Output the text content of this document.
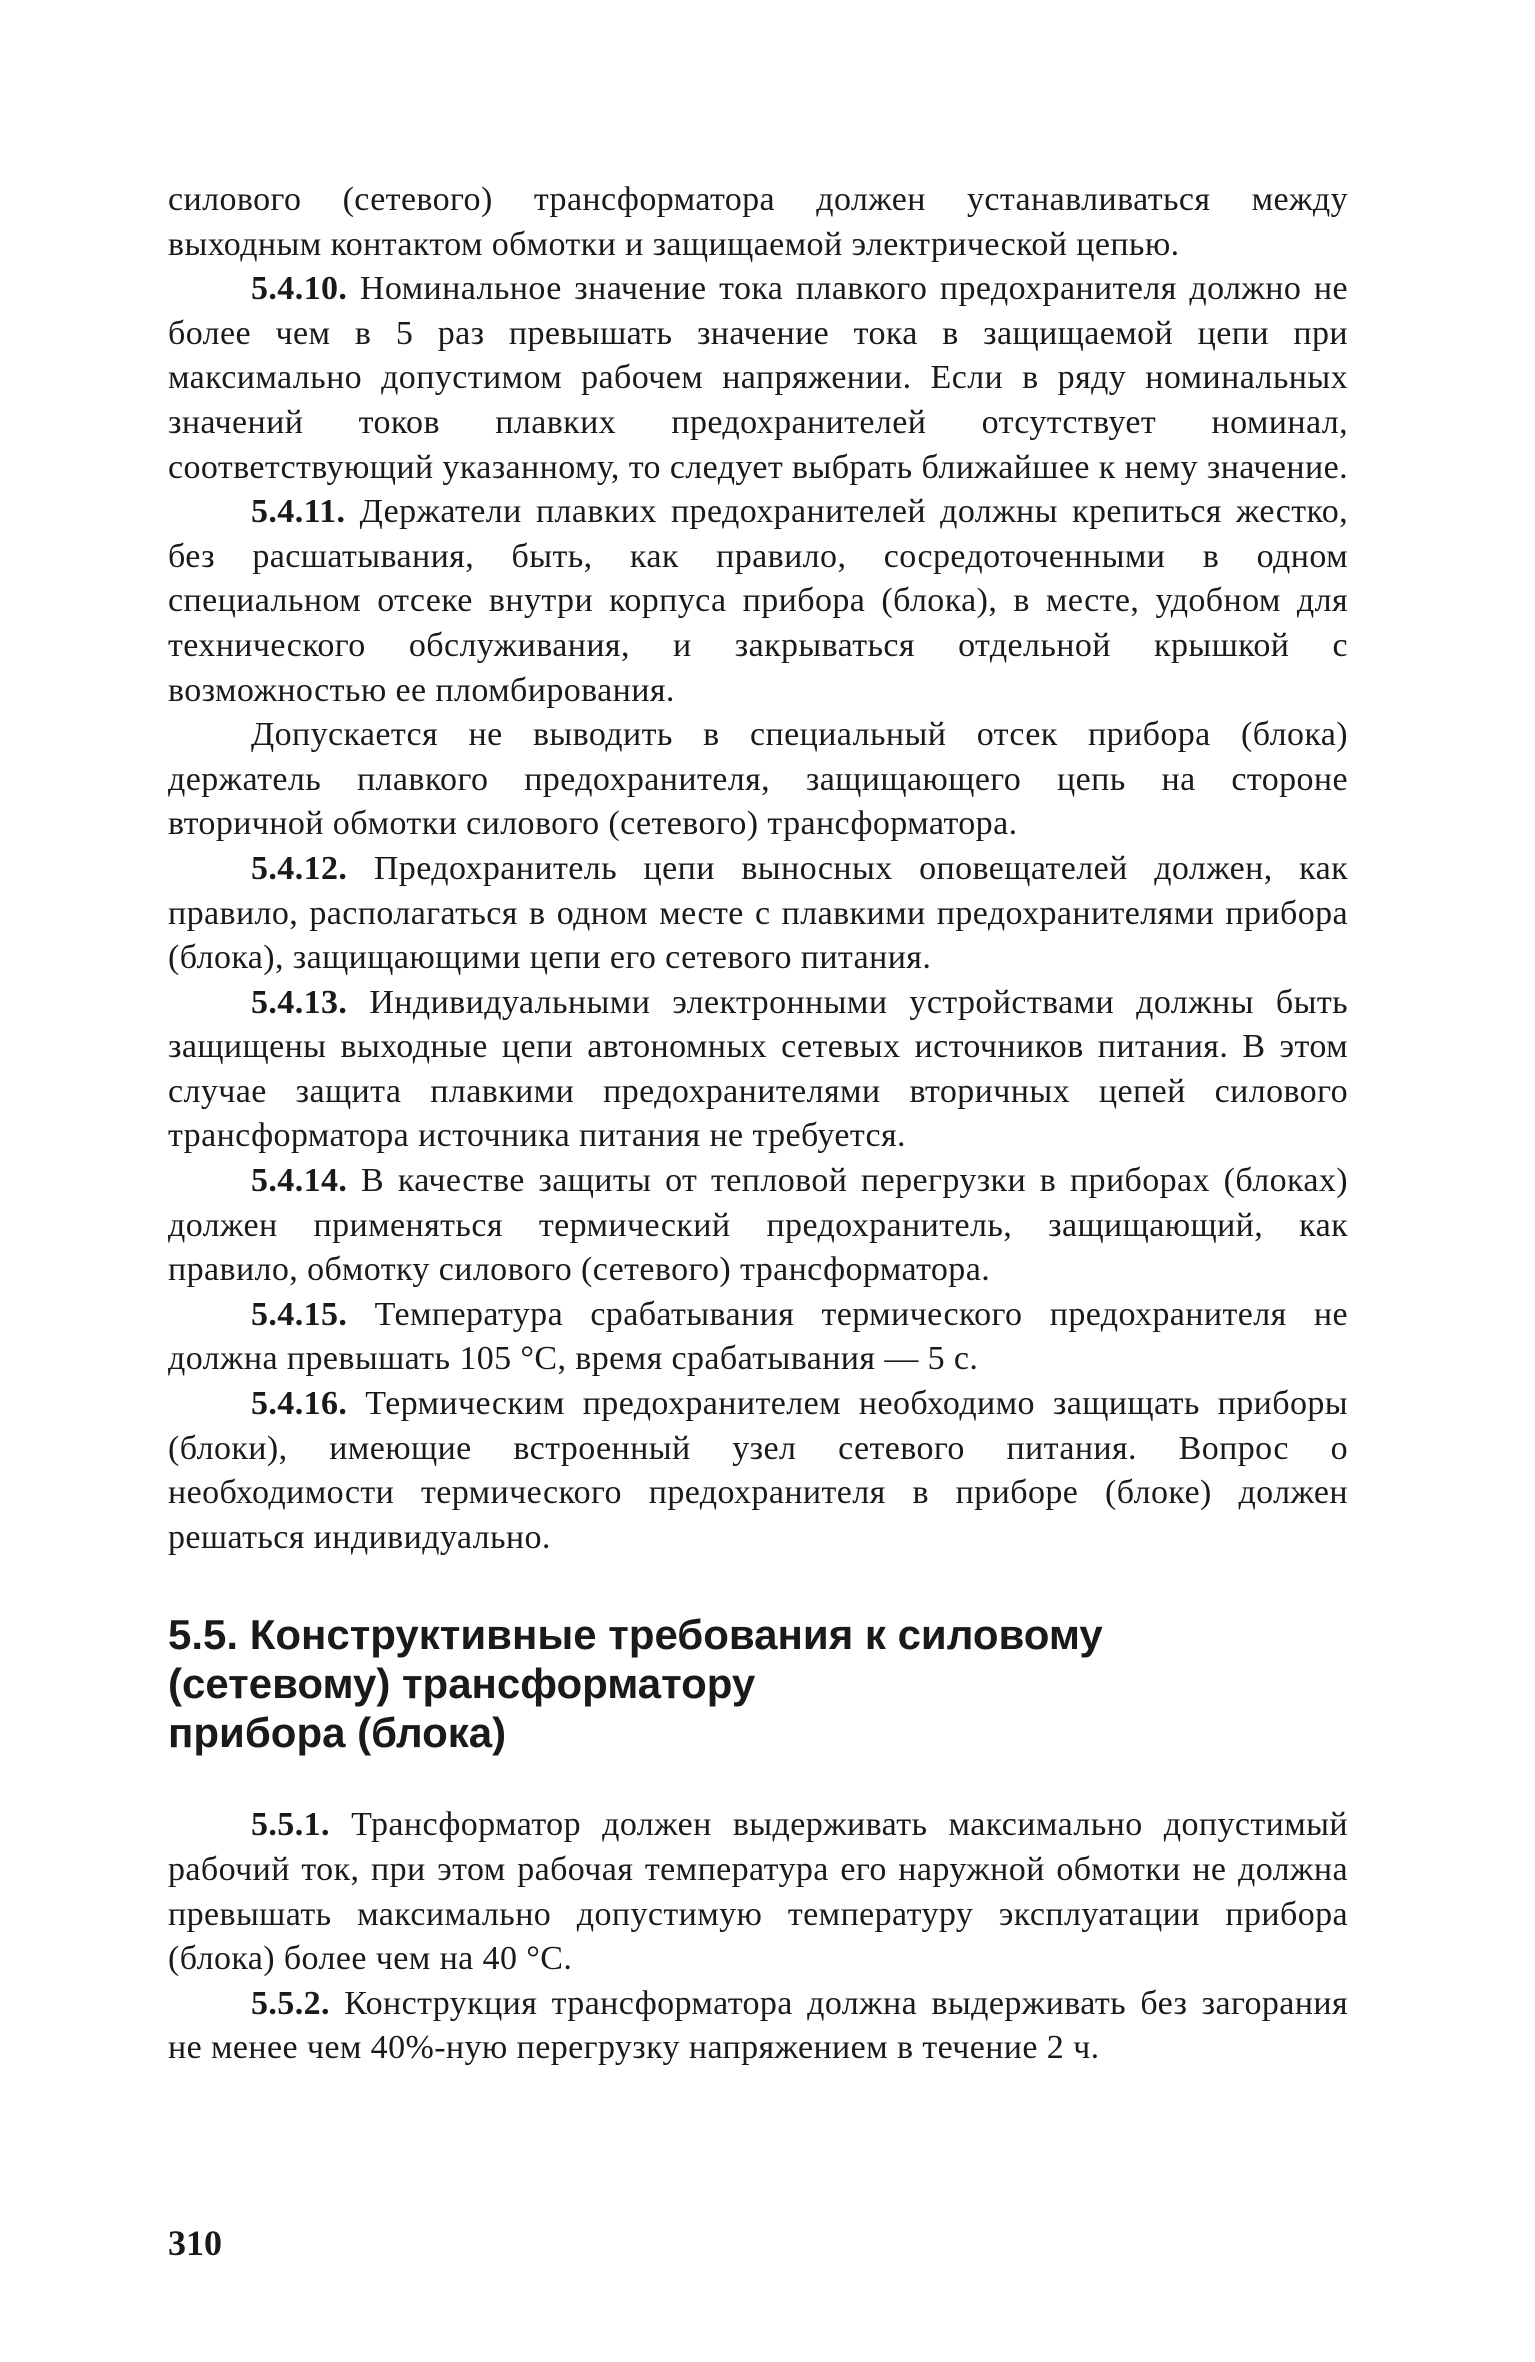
силового (сетевого) трансформатора должен устанавливаться между выходным контактом обмотки и защищаемой электрической цепью.

5.4.10. Номинальное значение тока плавкого предохранителя должно не более чем в 5 раз превышать значение тока в защищаемой цепи при максимально допустимом рабочем напряжении. Если в ряду номинальных значений токов плавких предохранителей отсутствует номинал, соответствующий указанному, то следует выбрать ближайшее к нему значение.

5.4.11. Держатели плавких предохранителей должны крепиться жестко, без расшатывания, быть, как правило, сосредоточенными в одном специальном отсеке внутри корпуса прибора (блока), в месте, удобном для технического обслуживания, и закрываться отдельной крышкой с возможностью ее пломбирования.

Допускается не выводить в специальный отсек прибора (блока) держатель плавкого предохранителя, защищающего цепь на стороне вторичной обмотки силового (сетевого) трансформатора.

5.4.12. Предохранитель цепи выносных оповещателей должен, как правило, располагаться в одном месте с плавкими предохранителями прибора (блока), защищающими цепи его сетевого питания.

5.4.13. Индивидуальными электронными устройствами должны быть защищены выходные цепи автономных сетевых источников питания. В этом случае защита плавкими предохранителями вторичных цепей силового трансформатора источника питания не требуется.

5.4.14. В качестве защиты от тепловой перегрузки в приборах (блоках) должен применяться термический предохранитель, защищающий, как правило, обмотку силового (сетевого) трансформатора.

5.4.15. Температура срабатывания термического предохранителя не должна превышать 105 °С, время срабатывания — 5 с.

5.4.16. Термическим предохранителем необходимо защищать приборы (блоки), имеющие встроенный узел сетевого питания. Вопрос о необходимости термического предохранителя в приборе (блоке) должен решаться индивидуально.

5.5. Конструктивные требования к силовому
(сетевому) трансформатору
прибора (блока)

5.5.1. Трансформатор должен выдерживать максимально допустимый рабочий ток, при этом рабочая температура его наружной обмотки не должна превышать максимально допустимую температуру эксплуатации прибора (блока) более чем на 40 °С.

5.5.2. Конструкция трансформатора должна выдерживать без загорания не менее чем 40%-ную перегрузку напряжением в течение 2 ч.

310
